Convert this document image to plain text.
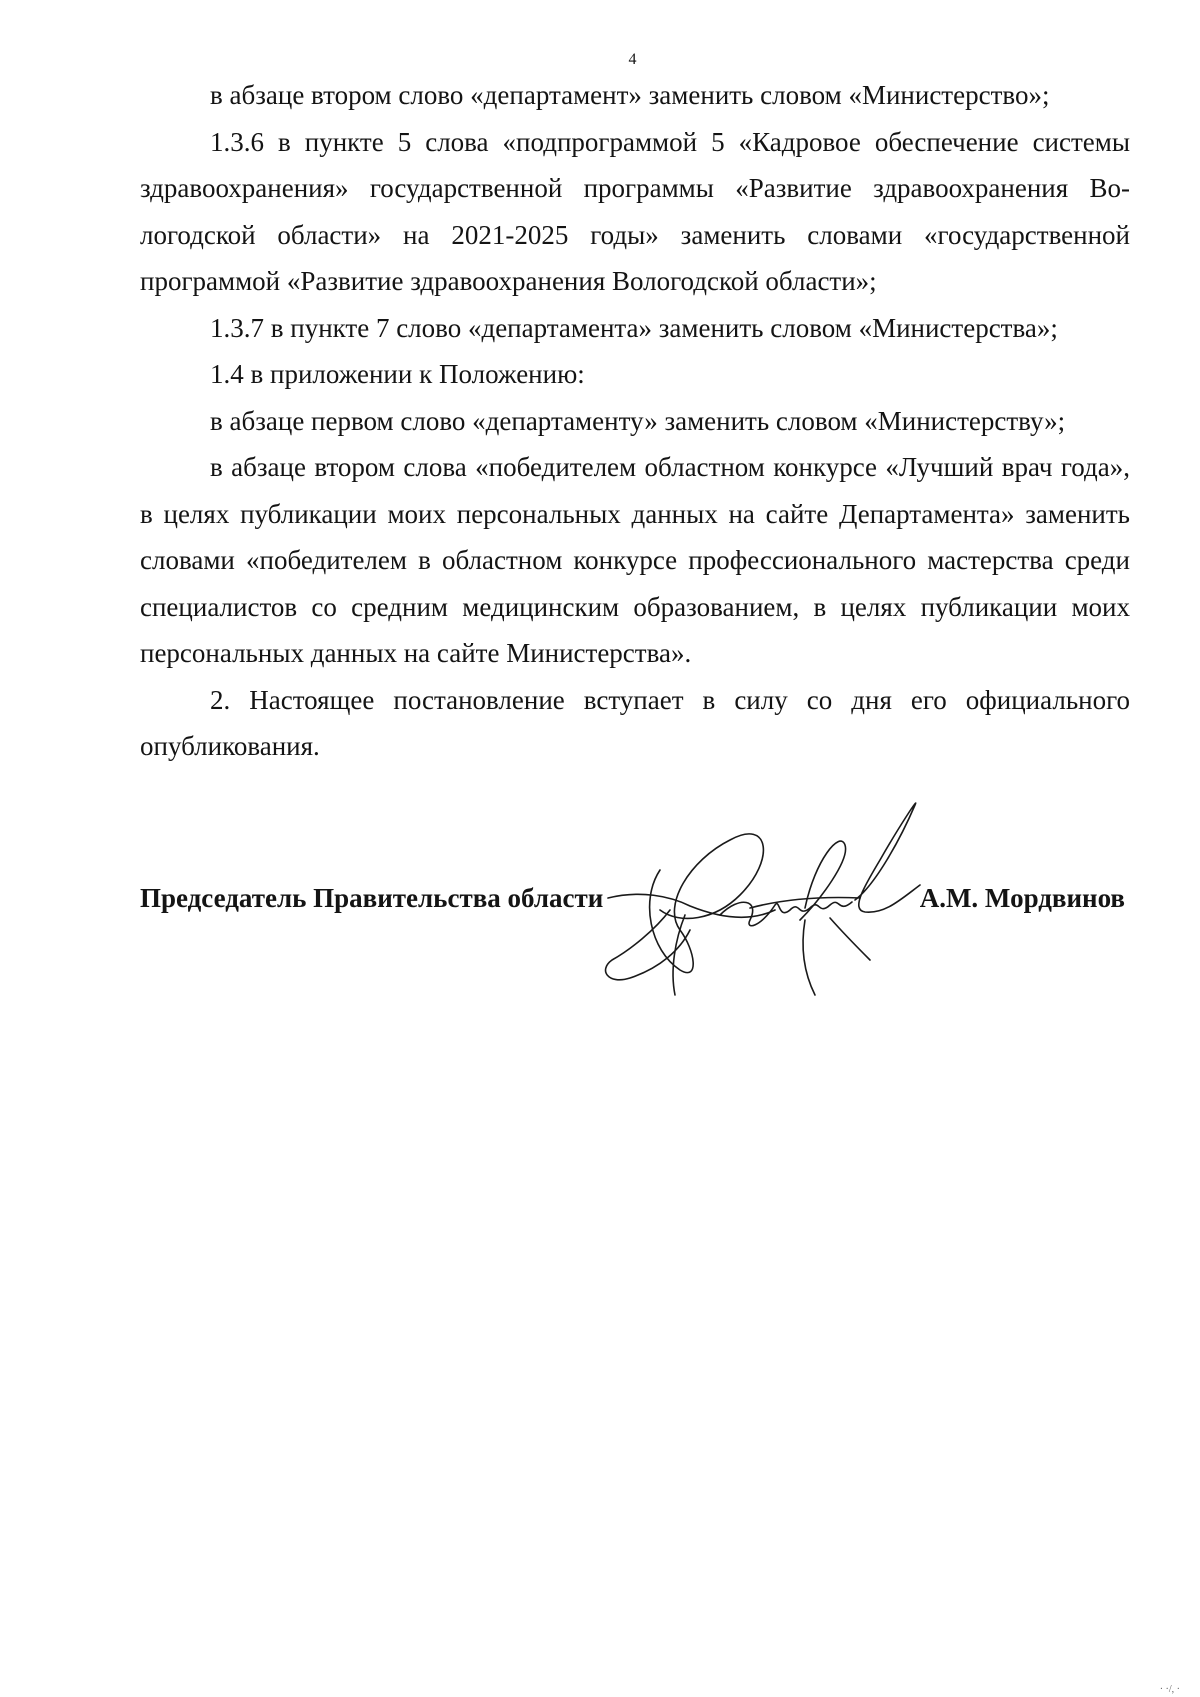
4

в абзаце втором слово «департамент» заменить словом «Министерство»;

1.3.6 в пункте 5 слова «подпрограммой 5 «Кадровое обеспечение системы здравоохранения» государственной программы «Развитие здравоохранения Вологодской области» на 2021-2025 годы» заменить словами «государственной программой «Развитие здравоохранения Вологодской области»;

1.3.7 в пункте 7 слово «департамента» заменить словом «Министерства»;

1.4 в приложении к Положению:

в абзаце первом слово «департаменту» заменить словом «Министерству»;

в абзаце втором слова «победителем областном конкурсе «Лучший врач года», в целях публикации моих персональных данных на сайте Департамента» заменить словами «победителем в областном конкурсе профессионального мастерства среди специалистов со средним медицинским образованием, в целях публикации моих персональных данных на сайте Министерства».

2. Настоящее постановление вступает в силу со дня его официального опубликования.

Председатель Правительства области	А.М. Мордвинов
· ·/, ·
